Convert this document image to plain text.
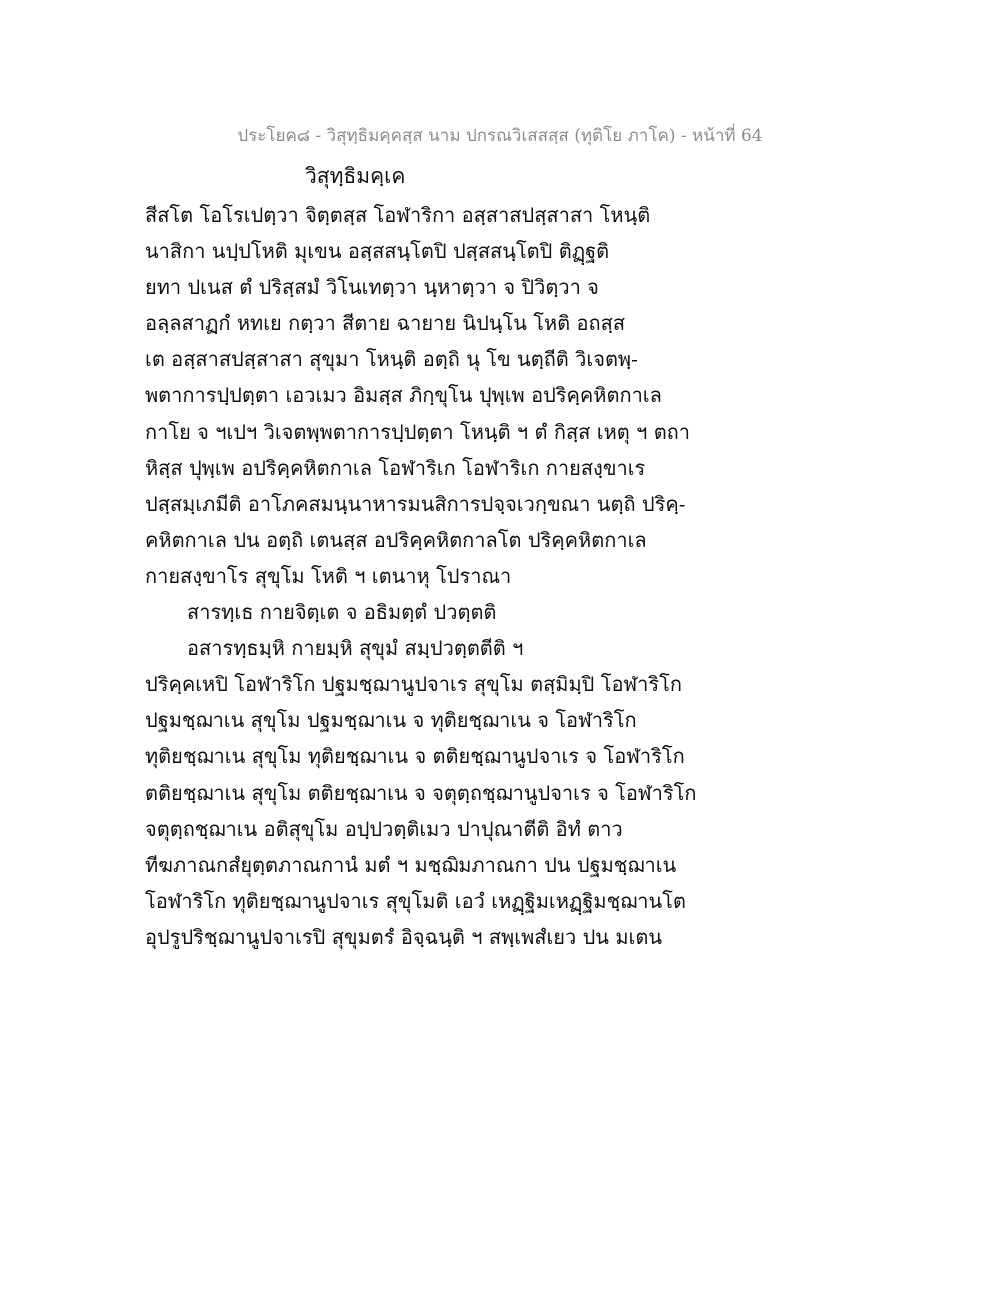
ประโยค๘ - วิสุทฺธิมคฺคสฺส นาม ปกรณวิเสสสฺส (ทุติโย ภาโค) - หน้าที่ 64
วิสุทฺธิมคฺเค
สีสโต โอโรเปตฺวา จิตฺตสฺส โอฬาริกา อสฺสาสปสฺสาสา โหนฺติ
นาสิกา นปฺปโหติ มุเขน อสฺสสนฺโตปิ ปสฺสสนฺโตปิ ติฏฺฐติ
ยทา ปเนส ตํ ปริสฺสมํ วิโนเทตฺวา นฺหาตฺวา จ ปิวิตฺวา จ
อลฺลสาฏกํ หทเย กตฺวา สีตาย ฉายาย นิปนฺโน โหติ อถสฺส
เต อสฺสาสปสฺสาสา สุขุมา โหนฺติ อตฺถิ นุ โข นตฺถีติ วิเจตพฺ-
พตาการปฺปตฺตา เอวเมว อิมสฺส ภิกฺขุโน ปุพฺเพ อปริคฺคหิตกาเล
กาโย จ ฯเปฯ วิเจตพฺพตาการปฺปตฺตา โหนฺติ ฯ ตํ กิสฺส เหตุ ฯ ตถา
หิสฺส ปุพฺเพ อปริคฺคหิตกาเล โอฬาริเก โอฬาริเก กายสงฺขาเร
ปสฺสมฺเภมีติ อาโภคสมนฺนาหารมนสิการปจฺจเวกฺขณา นตฺถิ ปริคฺ-
คหิตกาเล ปน อตฺถิ เตนสฺส อปริคฺคหิตกาลโต ปริคฺคหิตกาเล
กายสงฺขาโร สุขุโม โหติ ฯ เตนาหุ โปราณา
สารทฺเธ กายจิตฺเต จ อธิมตฺตํ ปวตฺตติ
อสารทฺธมฺหิ กายมฺหิ สุขุมํ สมฺปวตฺตตีติ ฯ
ปริคฺคเหปิ โอฬาริโก ปฐมชฺฌานูปจาเร สุขุโม ตสฺมิมฺปิ โอฬาริโก
ปฐมชฺฌาเน สุขุโม ปฐมชฺฌาเน จ ทุติยชฺฌาเน จ โอฬาริโก
ทุติยชฺฌาเน สุขุโม ทุติยชฺฌาเน จ ตติยชฺฌานูปจาเร จ โอฬาริโก
ตติยชฺฌาเน สุขุโม ตติยชฺฌาเน จ จตุตฺถชฺฌานูปจาเร จ โอฬาริโก
จตุตฺถชฺฌาเน อติสุขุโม อปฺปวตฺติเมว ปาปุณาตีติ อิทํ ตาว
ทีฆภาณกสํยุตฺตภาณกานํ มตํ ฯ มชฺฌิมภาณกา ปน ปฐมชฺฌาเน
โอฬาริโก ทุติยชฺฌานูปจาเร สุขุโมติ เอวํ เหฏฺฐิมเหฏฺฐิมชฺฌานโต
อุปรูปริชฺฌานูปจาเรปิ สุขุมตรํ อิจฺฉนฺติ ฯ สพฺเพสํเยว ปน มเตน
